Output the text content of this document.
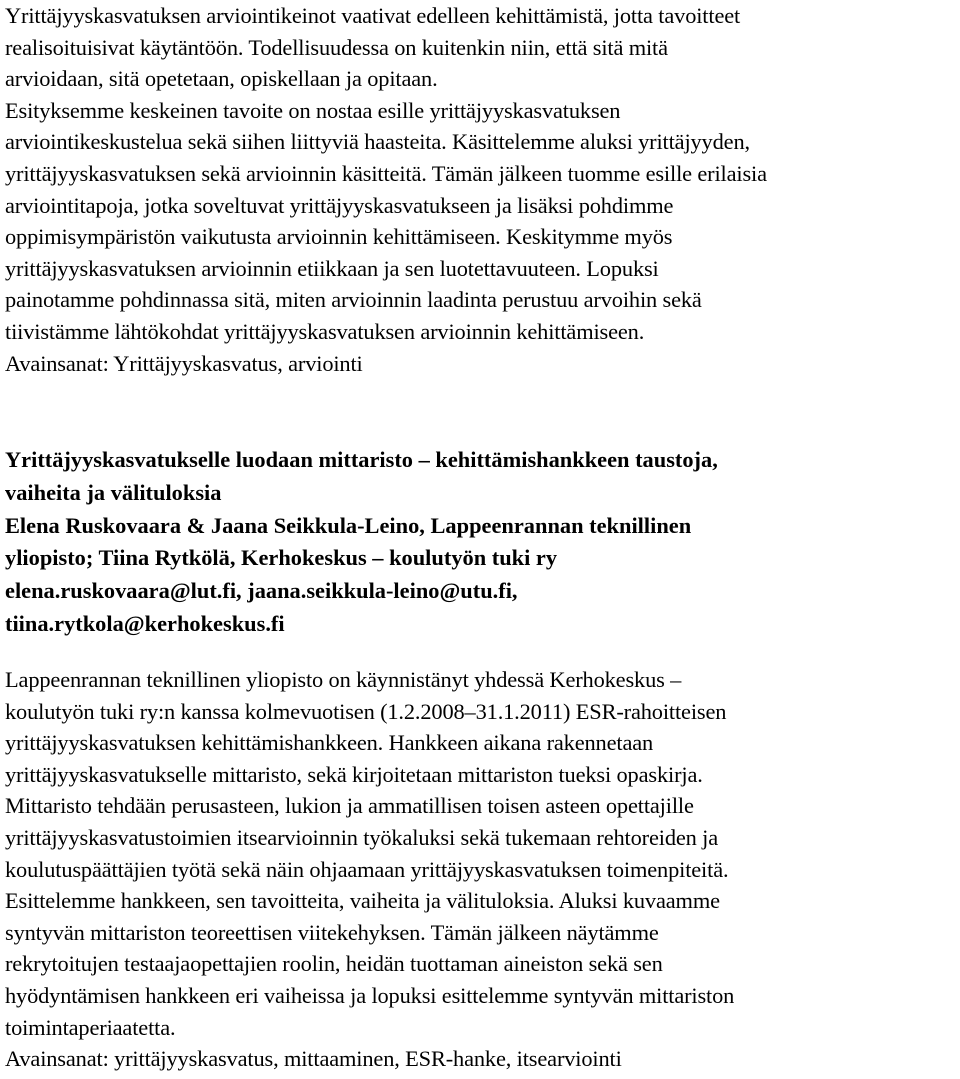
Yrittäjyyskasvatuksen arviointikeinot vaativat edelleen kehittämistä, jotta tavoitteet
realisoituisivat käytäntöön. Todellisuudessa on kuitenkin niin, että sitä mitä
arvioidaan, sitä opetetaan, opiskellaan ja opitaan.
Esityksemme keskeinen tavoite on nostaa esille yrittäjyyskasvatuksen
arviointikeskustelua sekä siihen liittyviä haasteita. Käsittelemme aluksi yrittäjyyden,
yrittäjyyskasvatuksen sekä arvioinnin käsitteitä. Tämän jälkeen tuomme esille erilaisia
arviointitapoja, jotka soveltuvat yrittäjyyskasvatukseen ja lisäksi pohdimme
oppimisympäristön vaikutusta arvioinnin kehittämiseen. Keskitymme myös
yrittäjyyskasvatuksen arvioinnin etiikkaan ja sen luotettavuuteen. Lopuksi
painotamme pohdinnassa sitä, miten arvioinnin laadinta perustuu arvoihin sekä
tiivistämme lähtökohdat yrittäjyyskasvatuksen arvioinnin kehittämiseen.
Avainsanat: Yrittäjyyskasvatus, arviointi
Yrittäjyyskasvatukselle luodaan mittaristo – kehittämishankkeen taustoja,
vaiheita ja välituloksia
Elena Ruskovaara & Jaana Seikkula-Leino, Lappeenrannan teknillinen
yliopisto; Tiina Rytkölä, Kerhokeskus – koulutyön tuki ry
elena.ruskovaara@lut.fi, jaana.seikkula-leino@utu.fi,
tiina.rytkola@kerhokeskus.fi
Lappeenrannan teknillinen yliopisto on käynnistänyt yhdessä Kerhokeskus –
koulutyön tuki ry:n kanssa kolmevuotisen (1.2.2008–31.1.2011) ESR-rahoitteisen
yrittäjyyskasvatuksen kehittämishankkeen. Hankkeen aikana rakennetaan
yrittäjyyskasvatukselle mittaristo, sekä kirjoitetaan mittariston tueksi opaskirja.
Mittaristo tehdään perusasteen, lukion ja ammatillisen toisen asteen opettajille
yrittäjyyskasvatustoimien itsearvioinnin työkaluksi sekä tukemaan rehtoreiden ja
koulutuspäättäjien työtä sekä näin ohjaamaan yrittäjyyskasvatuksen toimenpiteitä.
Esittelemme hankkeen, sen tavoitteita, vaiheita ja välituloksia. Aluksi kuvaamme
syntyvän mittariston teoreettisen viitekehyksen. Tämän jälkeen näytämme
rekrytoitujen testaajaopettajien roolin, heidän tuottaman aineiston sekä sen
hyödyntämisen hankkeen eri vaiheissa ja lopuksi esittelemme syntyvän mittariston
toimintaperiaatetta.
Avainsanat: yrittäjyyskasvatus, mittaaminen, ESR-hanke, itsearviointi
